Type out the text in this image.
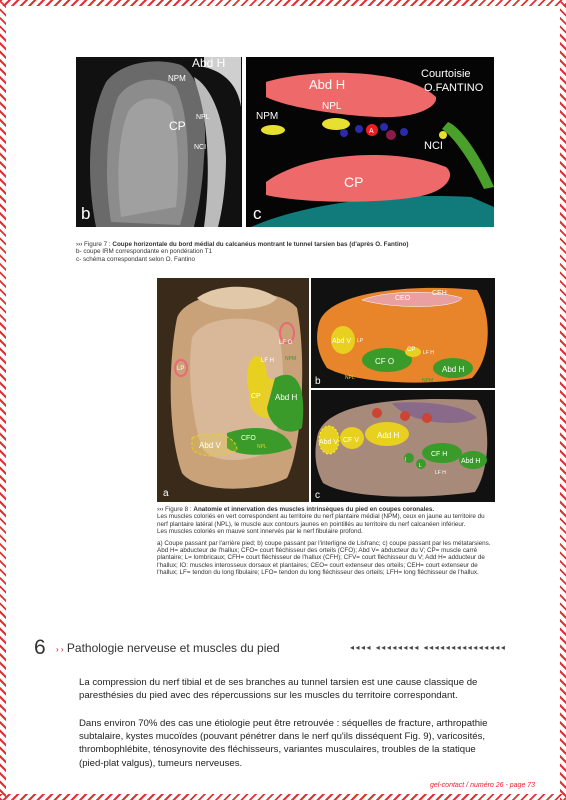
Abd H
NPM
NPL
CP
NCI
b
Abd H
NPM
NPL
A
NCI
CP
Courtoisie
O.FANTINO
c
››› Figure 7 : Coupe horizontale du bord médial du calcanéus montrant le tunnel tarsien bas (d'après O. Fantino)
b- coupe IRM correspondante en pondération T1
c- schéma correspondant selon O. Fantino
LF O
LP
LF H NPM
CP Abd H
CFO
Abd V	NPL
a
CEO
CEH
Abd V LP
CP LF H
CF O
NPL	NPM
Abd H
b
Abd V CF V
Add H
CF H
Abd H
LF H
I
L
c
››› Figure 8 : Anatomie et innervation des muscles intrinsèques du pied en coupes coronales.
Les muscles coloriés en vert correspondent au territoire du nerf plantaire médial (NPM), ceux en jaune au territoire du nerf plantaire latéral (NPL), le muscle aux contours jaunes en pointillés au territoire du nerf calcanéen inférieur.
Les muscles coloriés en mauve sont innervés par le nerf fibulaire profond.
a) Coupe passant par l'arrière pied; b) coupe passant par l'interligne de Lisfranc; c) coupe passant par les métatarsiens.
Abd H= abducteur de l'hallux; CFO= court fléchisseur des orteils (CFO); Abd V= abducteur du V; CP= muscle carré plantaire; L= lombricaux; CFH= court fléchisseur de l'hallux (CFH); CFV= court fléchisseur du V; Add H= adducteur de l'hallux; IO: muscles interosseux dorsaux et plantaires; CEO= court extenseur des orteils; CEH= court extenseur de l'hallux; LF= tendon du long fibulaire; LFO= tendon du long fléchisseur des orteils; LFH= long fléchisseur de l'hallux.
6 › › Pathologie nerveuse et muscles du pied	◂◂◂◂ ◂◂◂◂◂◂◂◂ ◂◂◂◂◂◂◂◂◂◂◂◂◂◂◂
La compression du nerf tibial et de ses branches au tunnel tarsien est une cause classique de paresthésies du pied avec des répercussions sur les muscles du territoire correspondant.
Dans environ 70% des cas une étiologie peut être retrouvée : séquelles de fracture, arthropathie subtalaire, kystes mucoïdes (pouvant pénétrer dans le nerf qu'ils disséquent Fig. 9), varicosités, thrombophlébite, ténosynovite des fléchisseurs, variantes musculaires, troubles de la statique (pied-plat valgus), tumeurs nerveuses.
gel-contact / numéro 26 - page 73
